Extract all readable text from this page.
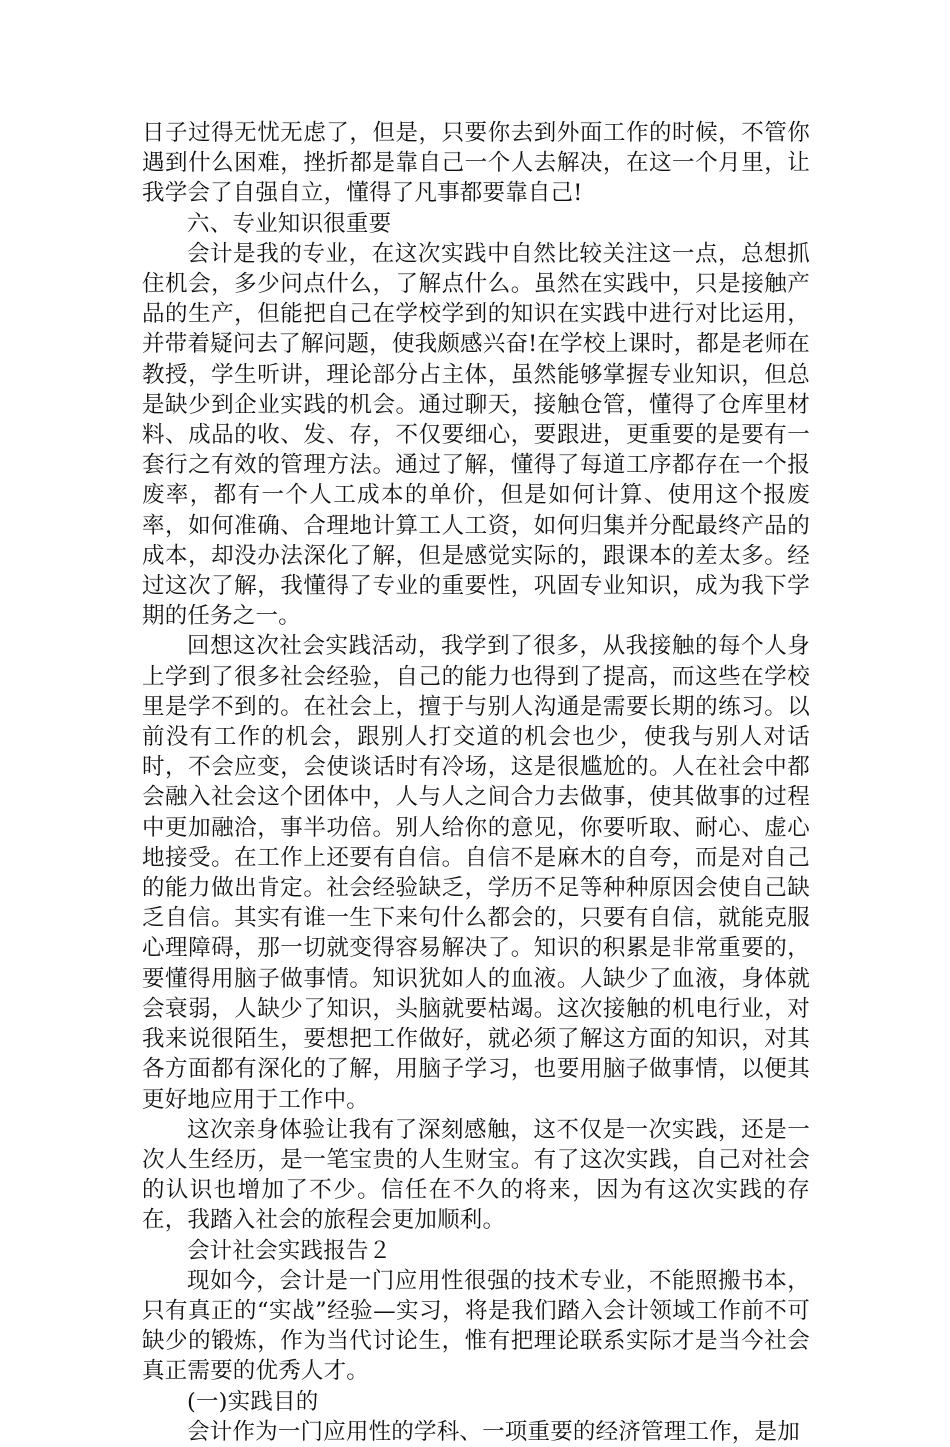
日子过得无忧无虑了，但是，只要你去到外面工作的时候，不管你遇到什么困难，挫折都是靠自己一个人去解决，在这一个月里，让我学会了自强自立，懂得了凡事都要靠自己!

六、专业知识很重要

会计是我的专业，在这次实践中自然比较关注这一点，总想抓住机会，多少问点什么，了解点什么。虽然在实践中，只是接触产品的生产，但能把自己在学校学到的知识在实践中进行对比运用，并带着疑问去了解问题，使我颇感兴奋!在学校上课时，都是老师在教授，学生听讲，理论部分占主体，虽然能够掌握专业知识，但总是缺少到企业实践的机会。通过聊天，接触仓管，懂得了仓库里材料、成品的收、发、存，不仅要细心，要跟进，更重要的是要有一套行之有效的管理方法。通过了解，懂得了每道工序都存在一个报废率，都有一个人工成本的单价，但是如何计算、使用这个报废率，如何准确、合理地计算工人工资，如何归集并分配最终产品的成本，却没办法深化了解，但是感觉实际的，跟课本的差太多。经过这次了解，我懂得了专业的重要性，巩固专业知识，成为我下学期的任务之一。

回想这次社会实践活动，我学到了很多，从我接触的每个人身上学到了很多社会经验，自己的能力也得到了提高，而这些在学校里是学不到的。在社会上，擅于与别人沟通是需要长期的练习。以前没有工作的机会，跟别人打交道的机会也少，使我与别人对话时，不会应变，会使谈话时有冷场，这是很尴尬的。人在社会中都会融入社会这个团体中，人与人之间合力去做事，使其做事的过程中更加融洽，事半功倍。别人给你的意见，你要听取、耐心、虚心地接受。在工作上还要有自信。自信不是麻木的自夸，而是对自己的能力做出肯定。社会经验缺乏，学历不足等种种原因会使自己缺乏自信。其实有谁一生下来句什么都会的，只要有自信，就能克服心理障碍，那一切就变得容易解决了。知识的积累是非常重要的，要懂得用脑子做事情。知识犹如人的血液。人缺少了血液，身体就会衰弱，人缺少了知识，头脑就要枯竭。这次接触的机电行业，对我来说很陌生，要想把工作做好，就必须了解这方面的知识，对其各方面都有深化的了解，用脑子学习，也要用脑子做事情，以便其更好地应用于工作中。

这次亲身体验让我有了深刻感触，这不仅是一次实践，还是一次人生经历，是一笔宝贵的人生财宝。有了这次实践，自己对社会的认识也增加了不少。信任在不久的将来，因为有这次实践的存在，我踏入社会的旅程会更加顺利。

会计社会实践报告２

现如今，会计是一门应用性很强的技术专业，不能照搬书本，只有真正的“实战”经验—实习，将是我们踏入会计领域工作前不可缺少的锻炼，作为当代讨论生，惟有把理论联系实际才是当今社会真正需要的优秀人才。

(一)实践目的

会计作为一门应用性的学科、一项重要的经济管理工作，是加
